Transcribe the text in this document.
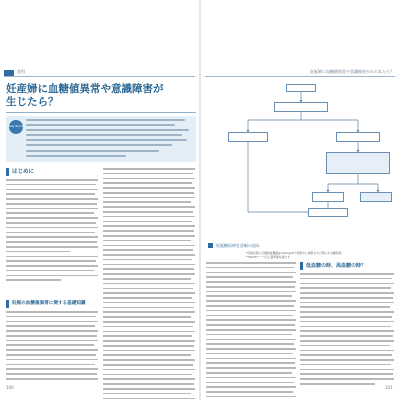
産科
妊産婦に血糖値異常や意識障害が
生じたら？
Key Point
はじめに
妊娠の血糖値異常に関する基礎知識
100
妊娠婦に血糖値異常や意識障害がみられたら？
妊娠糖尿病を診断の流れ
*妊娠初期に空腹時血糖値≧126mg/dlで妊娠中に診断された明らかな糖尿病
**OGTTで一つ以上基準値を満たす
低血糖の時、高血糖の時？
101
